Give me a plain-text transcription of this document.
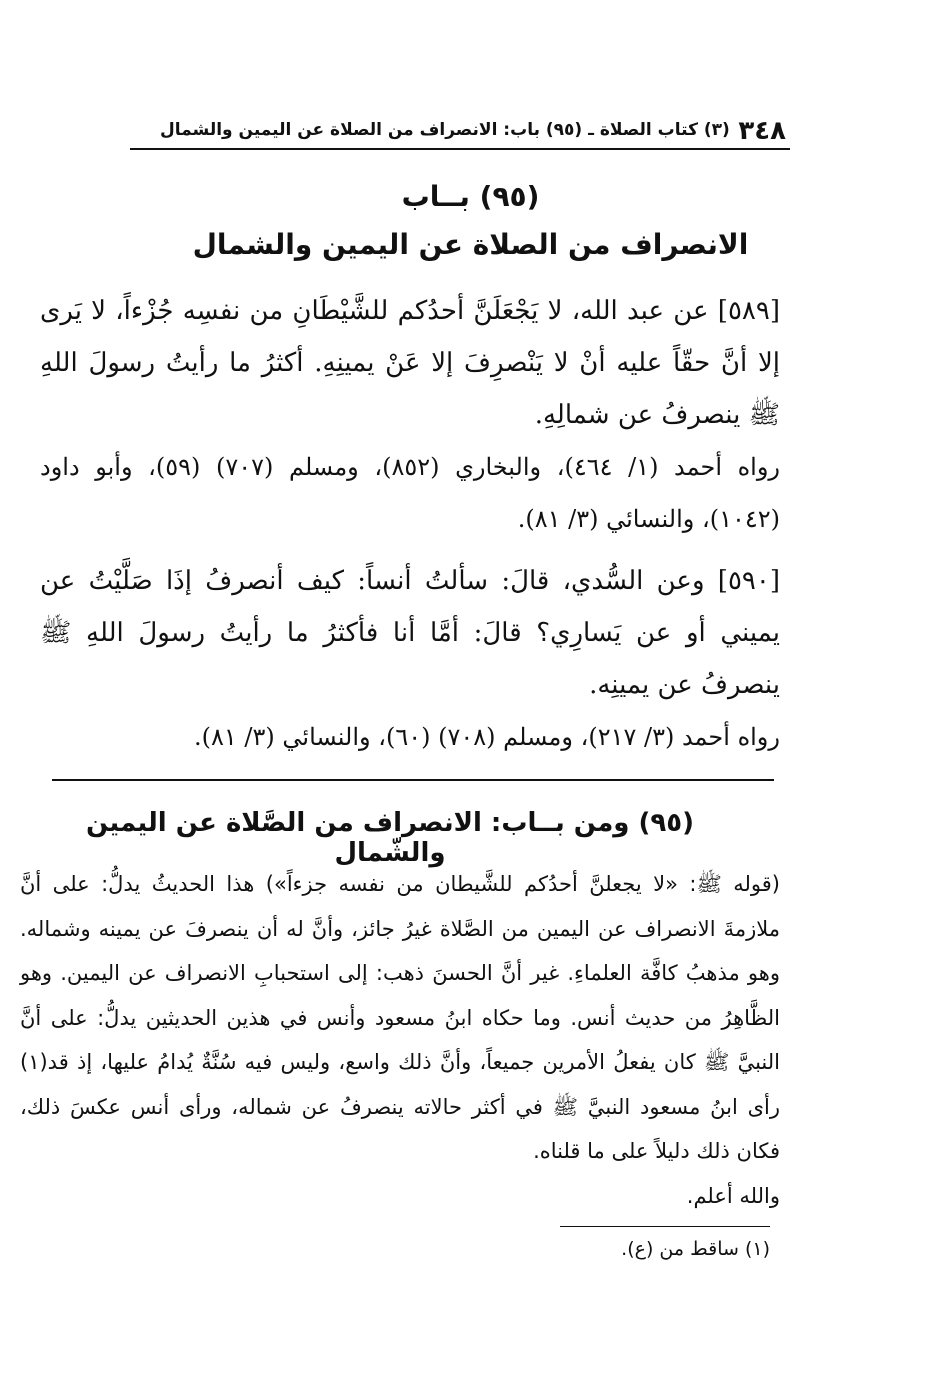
٣٤٨
(٣) كتاب الصلاة ـ (٩٥) باب: الانصراف من الصلاة عن اليمين والشمال
(٩٥) بــاب
الانصراف من الصلاة عن اليمين والشمال

[٥٨٩] عن عبد الله، لا يَجْعَلَنَّ أحدُكم للشَّيْطَانِ من نفسِه جُزْءاً، لا يَرى إلا أنَّ حقّاً عليه أنْ لا يَنْصرِفَ إلا عَنْ يمينِهِ. أكثرُ ما رأيتُ رسولَ اللهِ ﷺ ينصرفُ عن شمالِهِ.

رواه أحمد (١/ ٤٦٤)، والبخاري (٨٥٢)، ومسلم (٧٠٧) (٥٩)، وأبو داود (١٠٤٢)، والنسائي (٣/ ٨١).

[٥٩٠] وعن السُّدي، قالَ: سألتُ أنساً: كيف أنصرفُ إذَا صَلَّيْتُ عن يميني أو عن يَسارِي؟ قالَ: أمَّا أنا فأكثرُ ما رأيتُ رسولَ اللهِ ﷺ ينصرفُ عن يمينِه.

رواه أحمد (٣/ ٢١٧)، ومسلم (٧٠٨) (٦٠)، والنسائي (٣/ ٨١).

(٩٥) ومن بــاب: الانصراف من الصَّلاة عن اليمين والشّمال

(قوله ﷺ: «لا يجعلنَّ أحدُكم للشَّيطان من نفسه جزءاً») هذا الحديثُ يدلُّ: على أنَّ ملازمةَ الانصراف عن اليمين من الصَّلاة غيرُ جائز، وأنَّ له أن ينصرفَ عن يمينه وشماله. وهو مذهبُ كافَّة العلماءِ. غير أنَّ الحسنَ ذهب: إلى استحبابِ الانصراف عن اليمين. وهو الظَّاهِرُ من حديث أنس. وما حكاه ابنُ مسعود وأنس في هذين الحديثين يدلُّ: على أنَّ النبيَّ ﷺ كان يفعلُ الأمرين جميعاً، وأنَّ ذلك واسع، وليس فيه سُنَّةٌ يُدامُ عليها، إذ قد(١) رأى ابنُ مسعود النبيَّ ﷺ في أكثر حالاته ينصرفُ عن شماله، ورأى أنس عكسَ ذلك، فكان ذلك دليلاً على ما قلناه.

والله أعلم.

(١) ساقط من (ع).
